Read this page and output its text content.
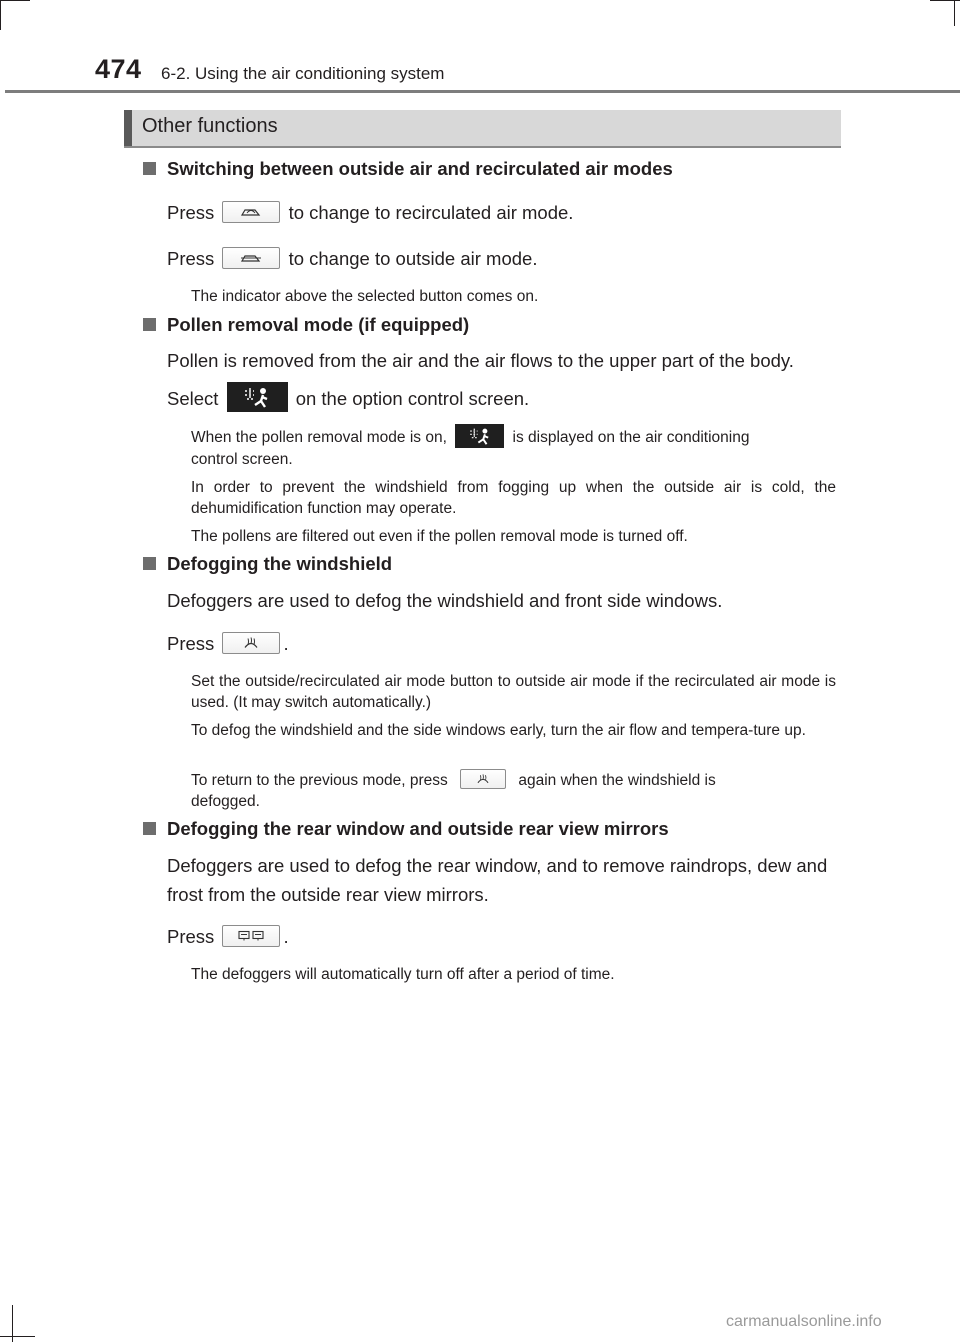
474 6-2. Using the air conditioning system
Other functions
Switching between outside air and recirculated air modes
Press	to change to recirculated air mode.
Press	to change to outside air mode.
The indicator above the selected button comes on.
Pollen removal mode (if equipped)
Pollen is removed from the air and the air flows to the upper part of the body.
Select	on the option control screen.
When the pollen removal mode is on,	is displayed on the air conditioning
control screen.
In order to prevent the windshield from fogging up when the outside air is cold, the dehumidification function may operate.
The pollens are filtered out even if the pollen removal mode is turned off.
Defogging the windshield
Defoggers are used to defog the windshield and front side windows.
Press	.
Set the outside/recirculated air mode button to outside air mode if the recirculated air mode is used. (It may switch automatically.)
To defog the windshield and the side windows early, turn the air flow and tempera-ture up.
To return to the previous mode, press	again when the windshield is
defogged.
Defogging the rear window and outside rear view mirrors
Defoggers are used to defog the rear window, and to remove raindrops, dew and frost from the outside rear view mirrors.
Press	.
The defoggers will automatically turn off after a period of time.
carmanualsonline.info
